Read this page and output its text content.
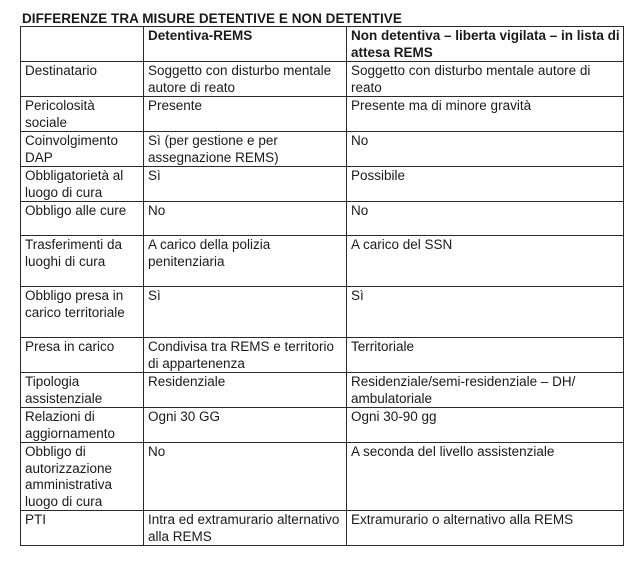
DIFFERENZE TRA MISURE DETENTIVE E NON DETENTIVE
	Detentiva-REMS	Non detentiva – liberta vigilata – in lista di attesa REMS
Destinatario	Soggetto con disturbo mentale autore di reato	Soggetto con disturbo mentale autore di reato
Pericolosità sociale	Presente	Presente ma di minore gravità
Coinvolgimento DAP	Sì (per gestione e per assegnazione REMS)	No
Obbligatorietà al luogo di cura	Sì	Possibile
Obbligo alle cure	No	No
Trasferimenti da luoghi di cura	A carico della polizia penitenziaria	A carico del SSN
Obbligo presa in carico territoriale	Sì	Sì
Presa in carico	Condivisa tra REMS e territorio di appartenenza	Territoriale
Tipologia assistenziale	Residenziale	Residenziale/semi-residenziale – DH/ ambulatoriale
Relazioni di aggiornamento	Ogni 30 GG	Ogni 30-90 gg
Obbligo di autorizzazione amministrativa luogo di cura	No	A seconda del livello assistenziale
PTI	Intra ed extramurario alternativo alla REMS	Extramurario o alternativo alla REMS
